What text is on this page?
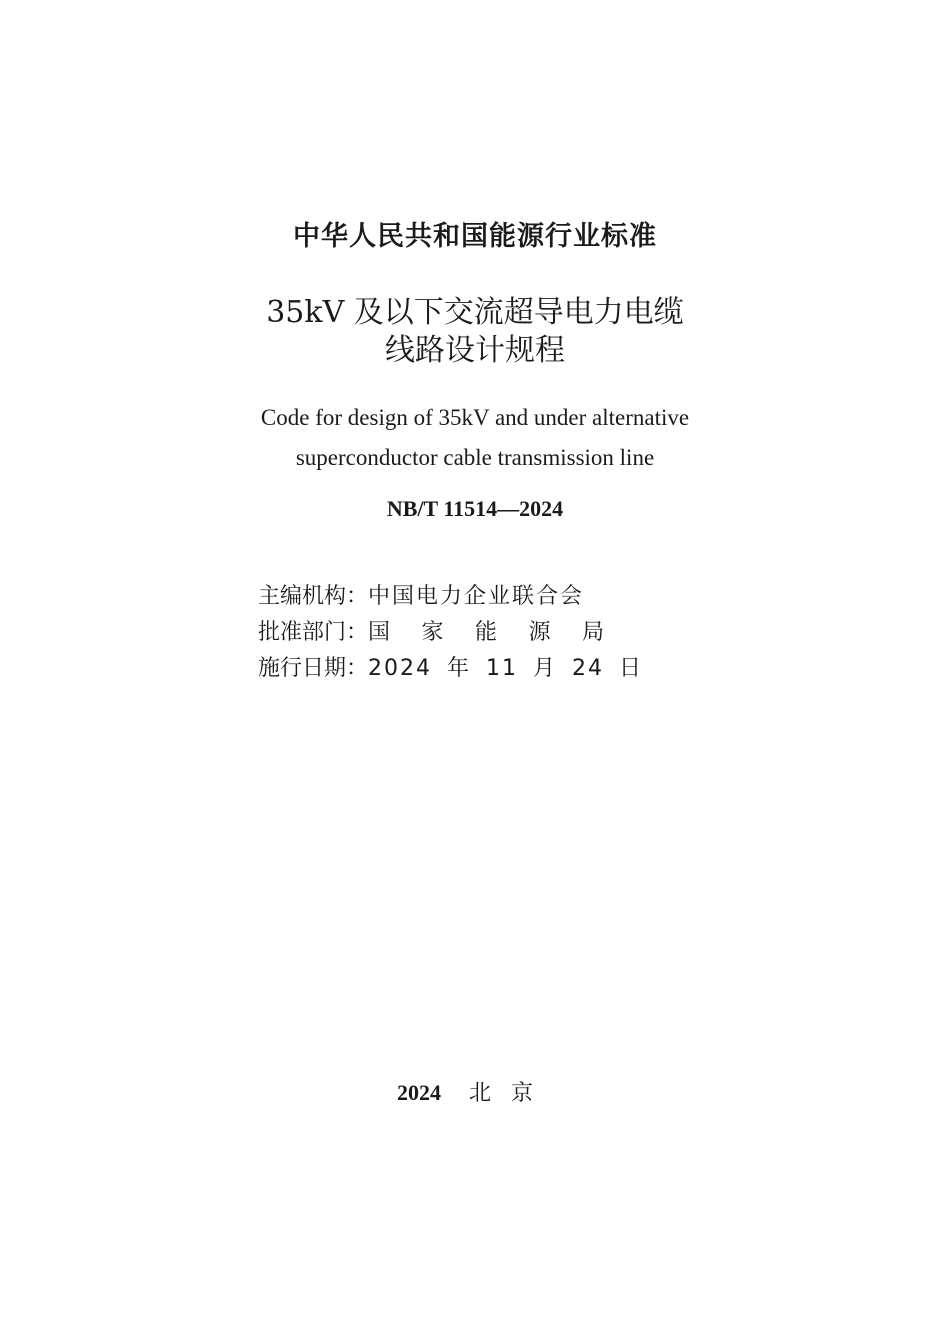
中华人民共和国能源行业标准
35kV 及以下交流超导电力电缆
线路设计规程
Code for design of 35kV and under alternative
superconductor cable transmission line
NB/T 11514—2024
主编机构： 中国电力企业联合会
批准部门： 国 家 能 源 局
施行日期： 2024 年 11 月 24 日
2024 北京
